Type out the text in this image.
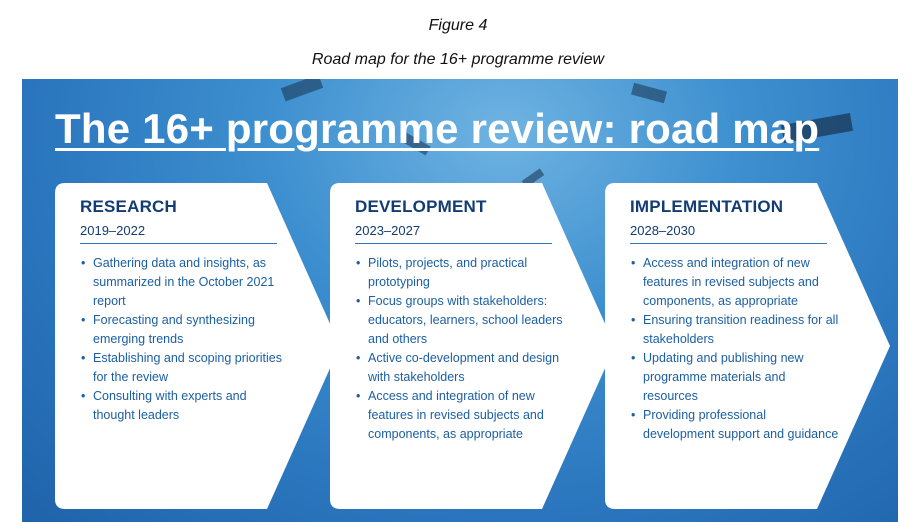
Figure 4
Road map for the 16+ programme review
The 16+ programme review: road map
RESEARCH
2019–2022
• Gathering data and insights, as summarized in the October 2021 report
• Forecasting and synthesizing emerging trends
• Establishing and scoping priorities for the review
• Consulting with experts and thought leaders
DEVELOPMENT
2023–2027
• Pilots, projects, and practical prototyping
• Focus groups with stakeholders: educators, learners, school leaders and others
• Active co-development and design with stakeholders
• Access and integration of new features in revised subjects and components, as appropriate
IMPLEMENTATION
2028–2030
• Access and integration of new features in revised subjects and components, as appropriate
• Ensuring transition readiness for all stakeholders
• Updating and publishing new programme materials and resources
• Providing professional development support and guidance
